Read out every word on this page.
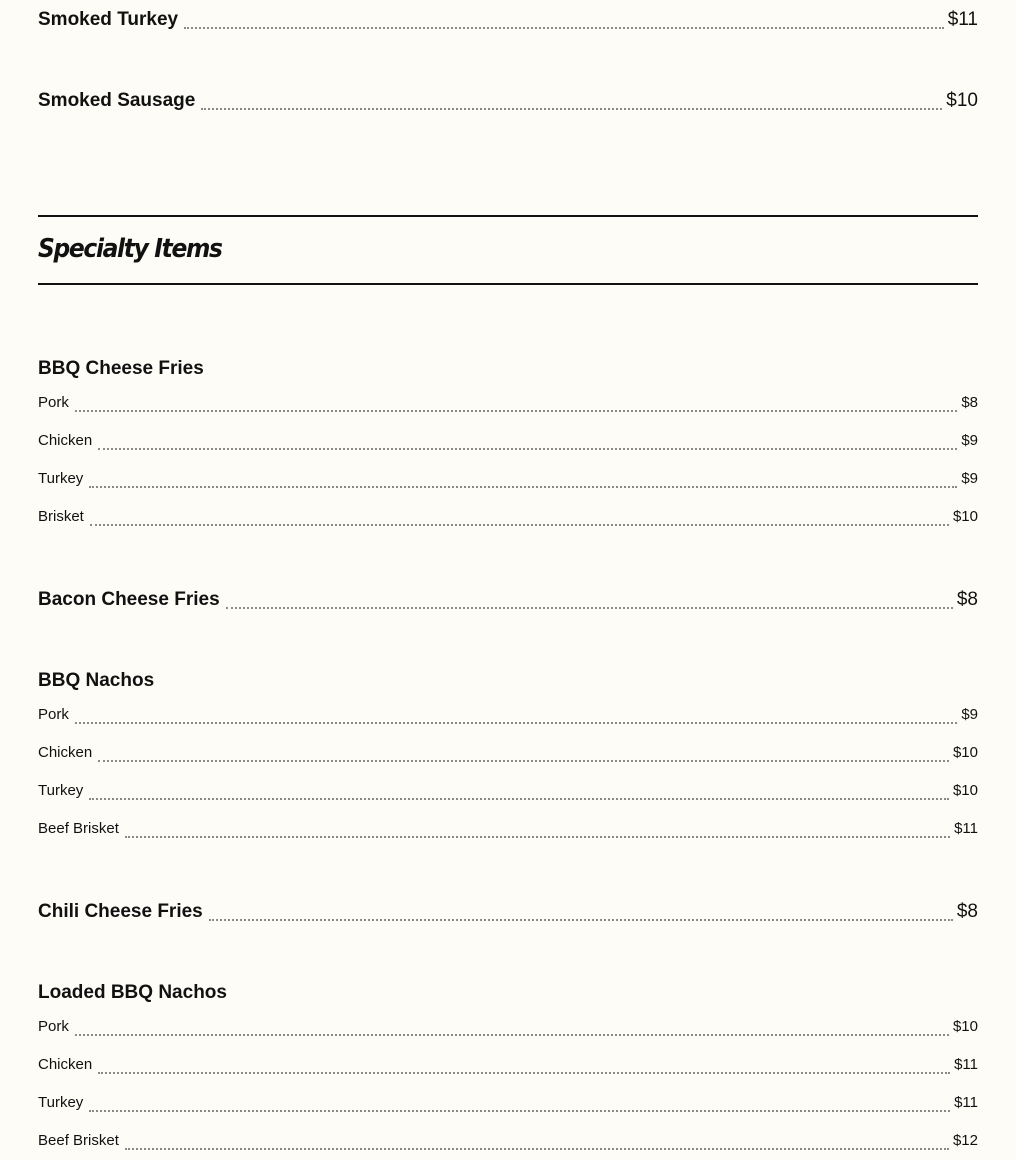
Smoked Turkey	$11
Smoked Sausage	$10
Specialty Items
BBQ Cheese Fries
Pork	$8
Chicken	$9
Turkey	$9
Brisket	$10
Bacon Cheese Fries	$8
BBQ Nachos
Pork	$9
Chicken	$10
Turkey	$10
Beef Brisket	$11
Chili Cheese Fries	$8
Loaded BBQ Nachos
Pork	$10
Chicken	$11
Turkey	$11
Beef Brisket	$12
